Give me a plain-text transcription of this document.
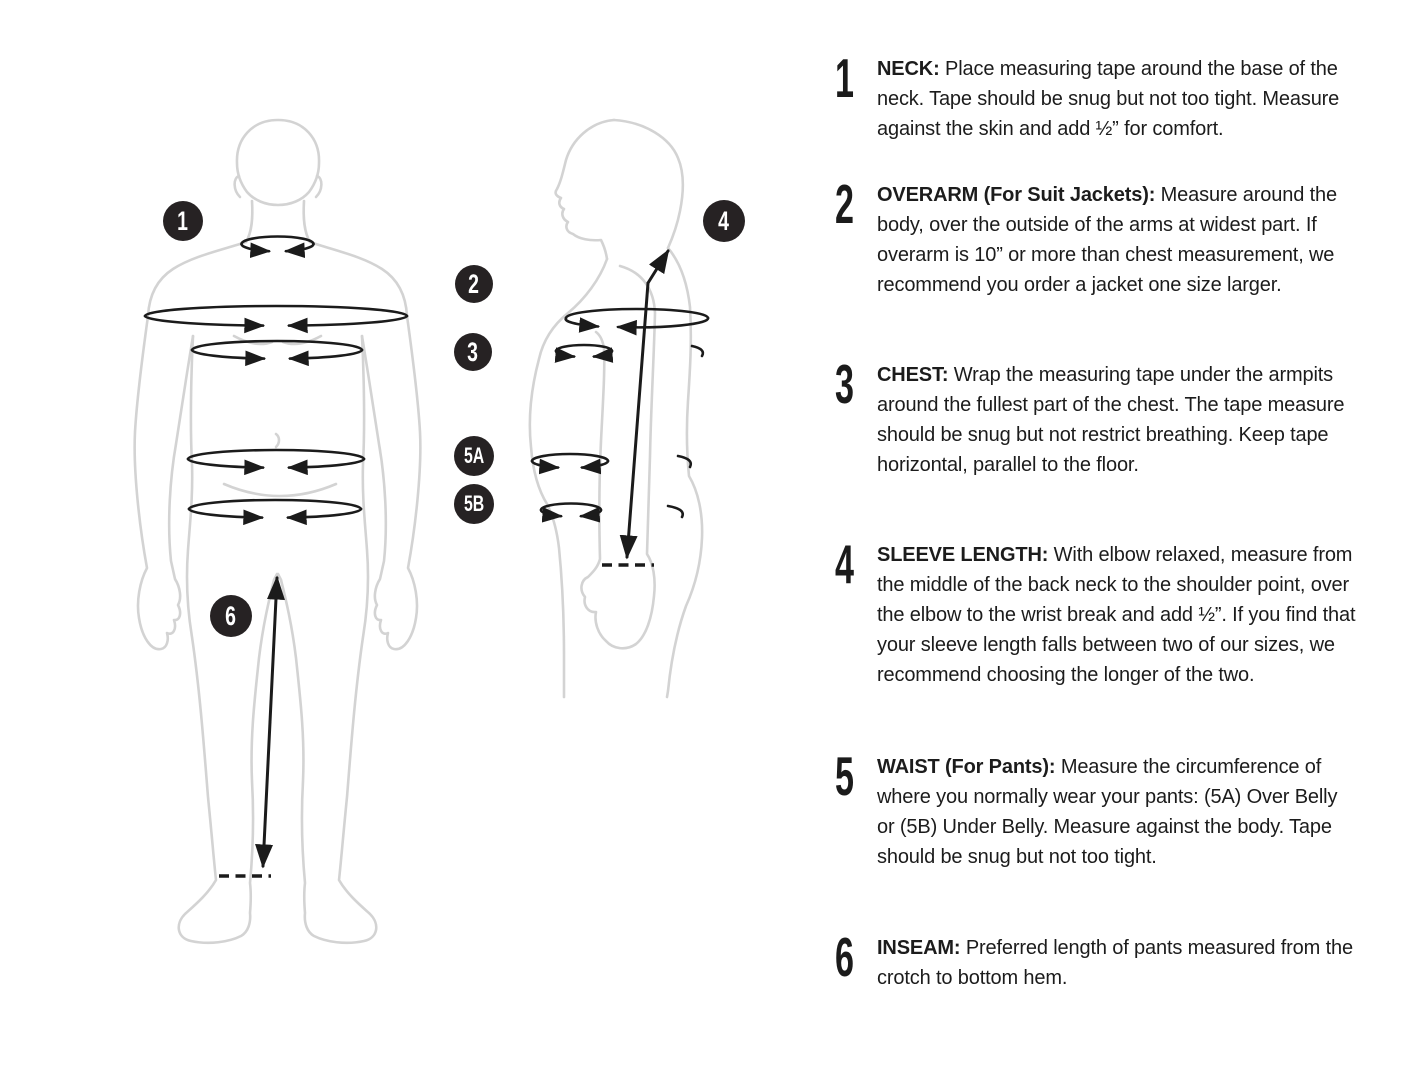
1
2
3
4
5A
5B
6
1 NECK: Place measuring tape around the base of the neck. Tape should be snug but not too tight. Measure against the skin and add ½” for comfort.

2 OVERARM (For Suit Jackets): Measure around the body, over the outside of the arms at widest part. If overarm is 10” or more than chest measurement, we recommend you order a jacket one size larger.

3 CHEST: Wrap the measuring tape under the armpits around the fullest part of the chest. The tape measure should be snug but not restrict breathing. Keep tape horizontal, parallel to the floor.

4 SLEEVE LENGTH: With elbow relaxed, measure from the middle of the back neck to the shoulder point, over the elbow to the wrist break and add ½”. If you find that your sleeve length falls between two of our sizes, we recommend choosing the longer of the two.

5 WAIST (For Pants): Measure the circumference of where you normally wear your pants: (5A) Over Belly or (5B) Under Belly. Measure against the body. Tape should be snug but not too tight.

6 INSEAM: Preferred length of pants measured from the crotch to bottom hem.
